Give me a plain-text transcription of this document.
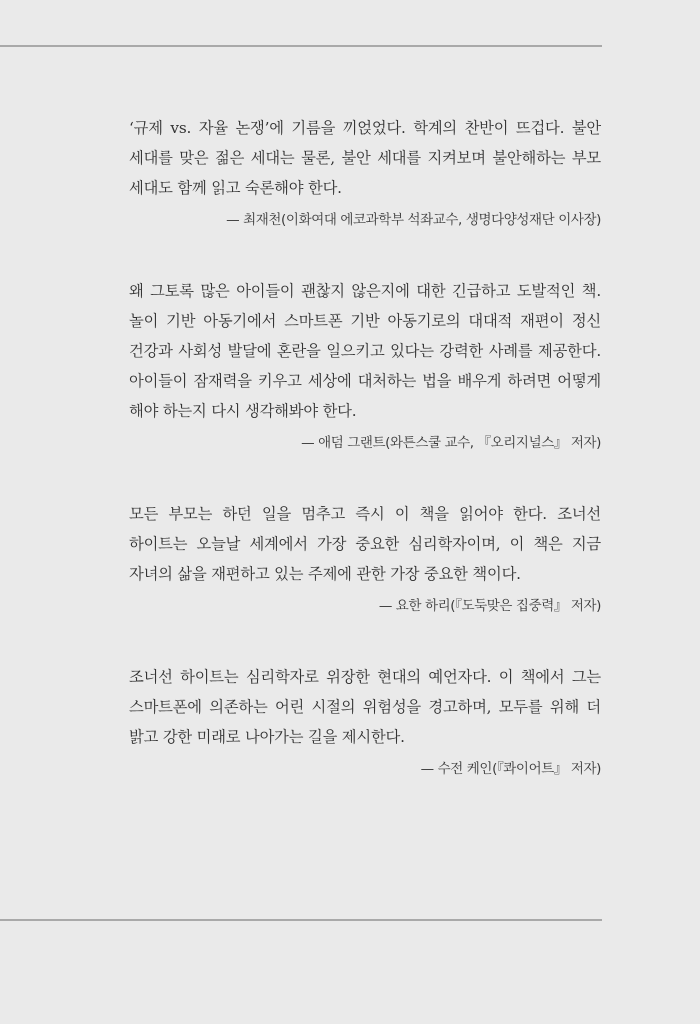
‘규제 vs. 자율 논쟁’에 기름을 끼얹었다. 학계의 찬반이 뜨겁다. 불안 세대를 맞은 젊은 세대는 물론, 불안 세대를 지켜보며 불안해하는 부모 세대도 함께 읽고 숙론해야 한다.

— 최재천(이화여대 에코과학부 석좌교수, 생명다양성재단 이사장)

왜 그토록 많은 아이들이 괜찮지 않은지에 대한 긴급하고 도발적인 책. 놀이 기반 아동기에서 스마트폰 기반 아동기로의 대대적 재편이 정신 건강과 사회성 발달에 혼란을 일으키고 있다는 강력한 사례를 제공한다. 아이들이 잠재력을 키우고 세상에 대처하는 법을 배우게 하려면 어떻게 해야 하는지 다시 생각해봐야 한다.

— 애덤 그랜트(와튼스쿨 교수, 『오리지널스』 저자)

모든 부모는 하던 일을 멈추고 즉시 이 책을 읽어야 한다. 조너선 하이트는 오늘날 세계에서 가장 중요한 심리학자이며, 이 책은 지금 자녀의 삶을 재편하고 있는 주제에 관한 가장 중요한 책이다.

— 요한 하리(『도둑맞은 집중력』 저자)

조너선 하이트는 심리학자로 위장한 현대의 예언자다. 이 책에서 그는 스마트폰에 의존하는 어린 시절의 위험성을 경고하며, 모두를 위해 더 밝고 강한 미래로 나아가는 길을 제시한다.

— 수전 케인(『콰이어트』 저자)
